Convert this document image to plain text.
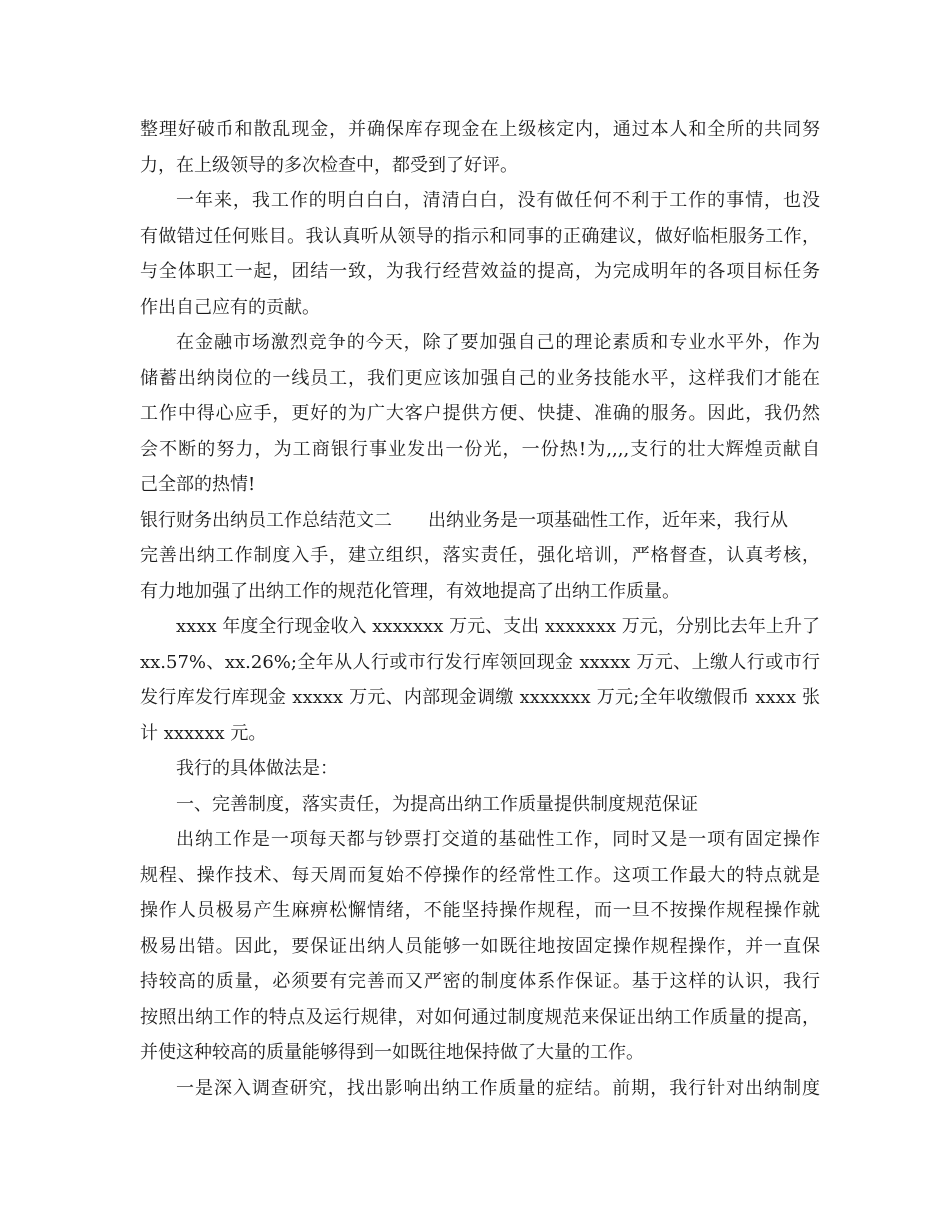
整理好破币和散乱现金，并确保库存现金在上级核定内，通过本人和全所的共同努
力，在上级领导的多次检查中，都受到了好评。
一年来，我工作的明白白白，清清白白，没有做任何不利于工作的事情，也没
有做错过任何账目。我认真听从领导的指示和同事的正确建议，做好临柜服务工作，
与全体职工一起，团结一致，为我行经营效益的提高，为完成明年的各项目标任务
作出自己应有的贡献。
在金融市场激烈竞争的今天，除了要加强自己的理论素质和专业水平外，作为
储蓄出纳岗位的一线员工，我们更应该加强自己的业务技能水平，这样我们才能在
工作中得心应手，更好的为广大客户提供方便、快捷、准确的服务。因此，我仍然
会不断的努力，为工商银行事业发出一份光，一份热!为,,,,支行的壮大辉煌贡献自
己全部的热情!
银行财务出纳员工作总结范文二 出纳业务是一项基础性工作，近年来，我行从
完善出纳工作制度入手，建立组织，落实责任，强化培训，严格督查，认真考核，
有力地加强了出纳工作的规范化管理，有效地提高了出纳工作质量。
xxxx 年度全行现金收入 xxxxxxx 万元、支出 xxxxxxx 万元，分别比去年上升了
xx.57%、xx.26%;全年从人行或市行发行库领回现金 xxxxx 万元、上缴人行或市行
发行库发行库现金 xxxxx 万元、内部现金调缴 xxxxxxx 万元;全年收缴假币 xxxx 张
计 xxxxxx 元。
我行的具体做法是：
一、完善制度，落实责任，为提高出纳工作质量提供制度规范保证
出纳工作是一项每天都与钞票打交道的基础性工作，同时又是一项有固定操作
规程、操作技术、每天周而复始不停操作的经常性工作。这项工作最大的特点就是
操作人员极易产生麻痹松懈情绪，不能坚持操作规程，而一旦不按操作规程操作就
极易出错。因此，要保证出纳人员能够一如既往地按固定操作规程操作，并一直保
持较高的质量，必须要有完善而又严密的制度体系作保证。基于这样的认识，我行
按照出纳工作的特点及运行规律，对如何通过制度规范来保证出纳工作质量的提高，
并使这种较高的质量能够得到一如既往地保持做了大量的工作。
一是深入调查研究，找出影响出纳工作质量的症结。前期，我行针对出纳制度
